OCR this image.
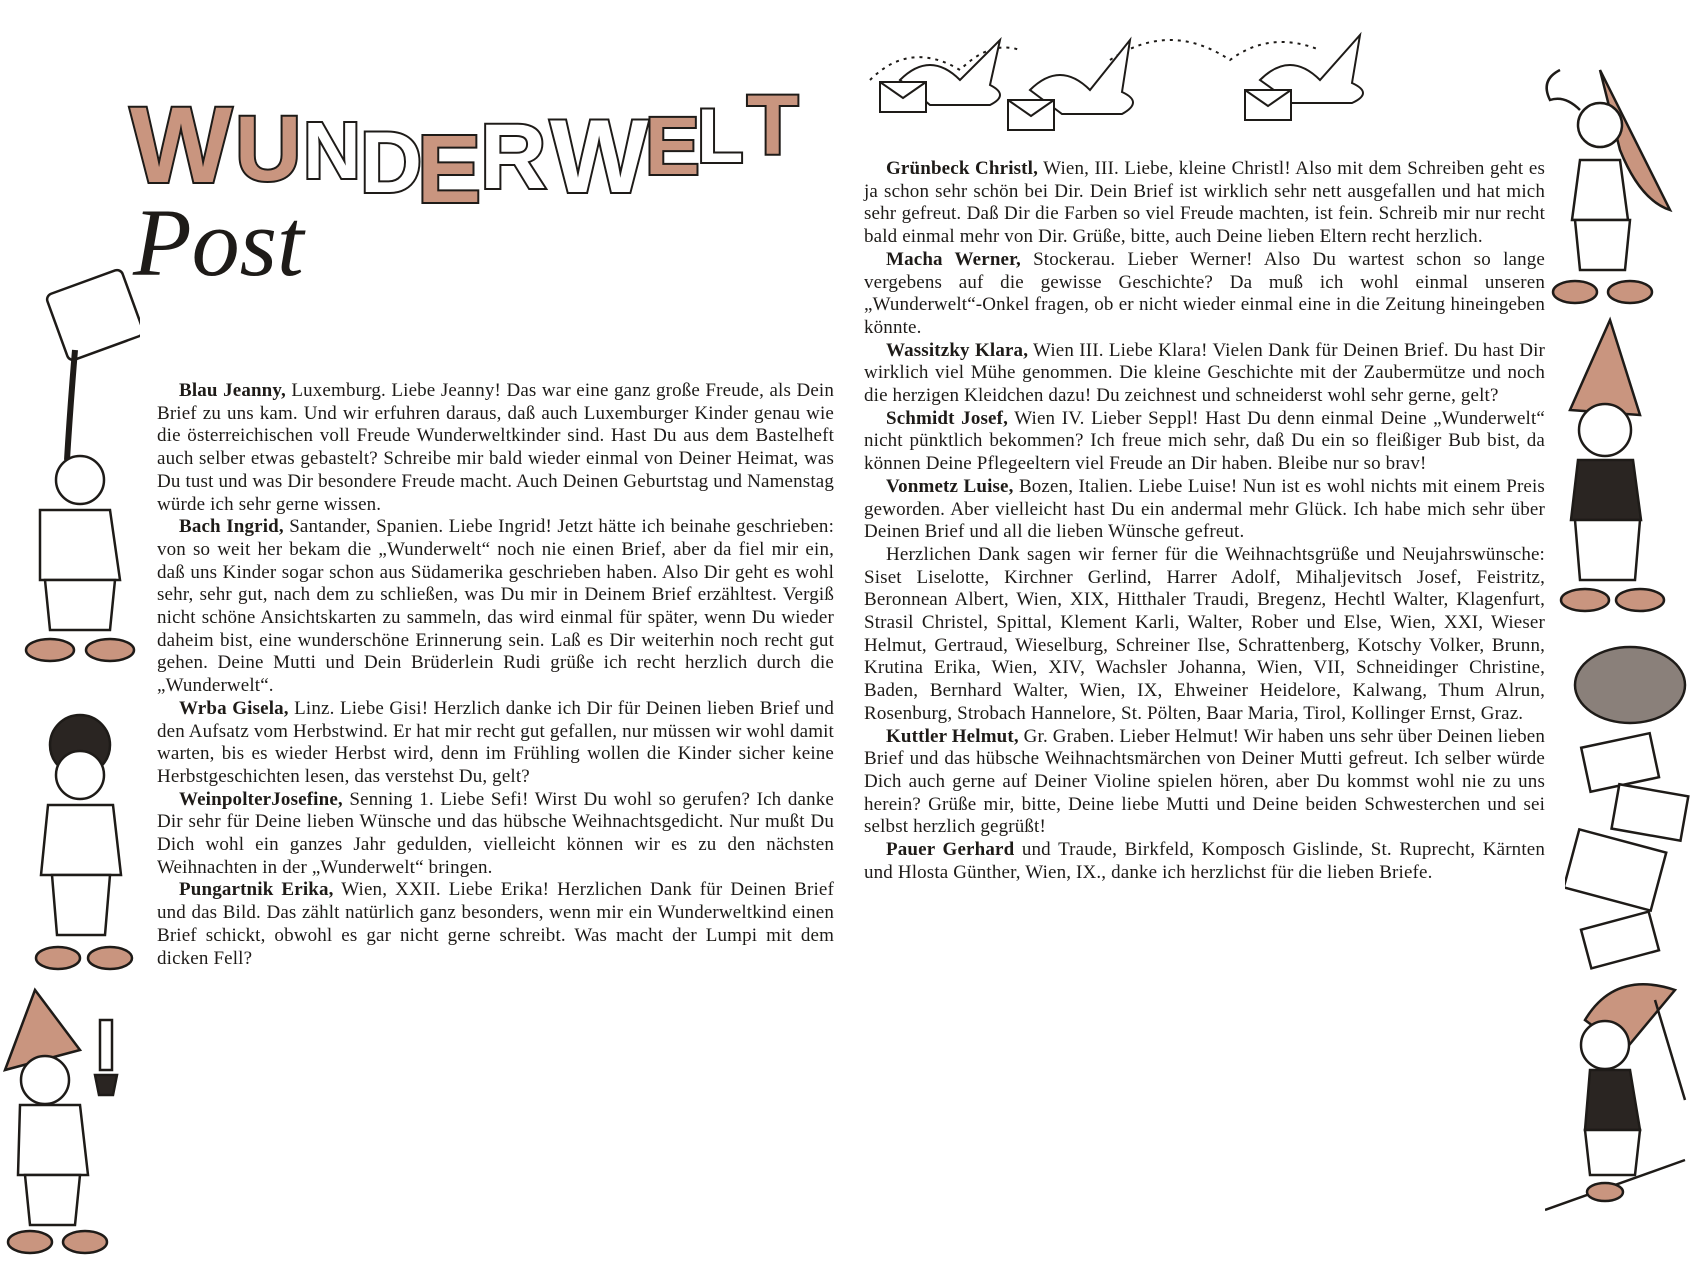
W U N D
E
R W
E
L T
Post

Blau Jeanny, Luxemburg. Liebe Jeanny! Das war eine ganz große Freude, als Dein Brief zu uns kam. Und wir erfuhren daraus, daß auch Luxemburger Kinder genau wie die österreichischen voll Freude Wunderweltkinder sind. Hast Du aus dem Bastelheft auch selber etwas gebastelt? Schreibe mir bald wieder einmal von Deiner Heimat, was Du tust und was Dir besondere Freude macht. Auch Deinen Geburtstag und Namenstag würde ich sehr gerne wissen.

Bach Ingrid, Santander, Spanien. Liebe Ingrid! Jetzt hätte ich beinahe geschrieben: von so weit her bekam die „Wunderwelt“ noch nie einen Brief, aber da fiel mir ein, daß uns Kinder sogar schon aus Südamerika geschrieben haben. Also Dir geht es wohl sehr, sehr gut, nach dem zu schließen, was Du mir in Deinem Brief erzähltest. Vergiß nicht schöne Ansichtskarten zu sammeln, das wird einmal für später, wenn Du wieder daheim bist, eine wunderschöne Erinnerung sein. Laß es Dir weiterhin noch recht gut gehen. Deine Mutti und Dein Brüderlein Rudi grüße ich recht herzlich durch die „Wunderwelt“.

Wrba Gisela, Linz. Liebe Gisi! Herzlich danke ich Dir für Deinen lieben Brief und den Aufsatz vom Herbstwind. Er hat mir recht gut gefallen, nur müssen wir wohl damit warten, bis es wieder Herbst wird, denn im Frühling wollen die Kinder sicher keine Herbstgeschichten lesen, das verstehst Du, gelt?

WeinpolterJosefine, Senning 1. Liebe Sefi! Wirst Du wohl so gerufen? Ich danke Dir sehr für Deine lieben Wünsche und das hübsche Weihnachtsgedicht. Nur mußt Du Dich wohl ein ganzes Jahr gedulden, vielleicht können wir es zu den nächsten Weihnachten in der „Wunderwelt“ bringen.

Pungartnik Erika, Wien, XXII. Liebe Erika! Herzlichen Dank für Deinen Brief und das Bild. Das zählt natürlich ganz besonders, wenn mir ein Wunderweltkind einen Brief schickt, obwohl es gar nicht gerne schreibt. Was macht der Lumpi mit dem dicken Fell?

Grünbeck Christl, Wien, III. Liebe, kleine Christl! Also mit dem Schreiben geht es ja schon sehr schön bei Dir. Dein Brief ist wirklich sehr nett ausgefallen und hat mich sehr gefreut. Daß Dir die Farben so viel Freude machten, ist fein. Schreib mir nur recht bald einmal mehr von Dir. Grüße, bitte, auch Deine lieben Eltern recht herzlich.

Macha Werner, Stockerau. Lieber Werner! Also Du wartest schon so lange vergebens auf die gewisse Geschichte? Da muß ich wohl einmal unseren „Wunderwelt“-Onkel fragen, ob er nicht wieder einmal eine in die Zeitung hineingeben könnte.

Wassitzky Klara, Wien III. Liebe Klara! Vielen Dank für Deinen Brief. Du hast Dir wirklich viel Mühe genommen. Die kleine Geschichte mit der Zaubermütze und noch die herzigen Kleidchen dazu! Du zeichnest und schneiderst wohl sehr gerne, gelt?

Schmidt Josef, Wien IV. Lieber Seppl! Hast Du denn einmal Deine „Wunderwelt“ nicht pünktlich bekommen? Ich freue mich sehr, daß Du ein so fleißiger Bub bist, da können Deine Pflegeeltern viel Freude an Dir haben. Bleibe nur so brav!

Vonmetz Luise, Bozen, Italien. Liebe Luise! Nun ist es wohl nichts mit einem Preis geworden. Aber vielleicht hast Du ein andermal mehr Glück. Ich habe mich sehr über Deinen Brief und all die lieben Wünsche gefreut.

Herzlichen Dank sagen wir ferner für die Weihnachtsgrüße und Neujahrswünsche: Siset Liselotte, Kirchner Gerlind, Harrer Adolf, Mihaljevitsch Josef, Feistritz, Beronnean Albert, Wien, XIX, Hitthaler Traudi, Bregenz, Hechtl Walter, Klagenfurt, Strasil Christel, Spittal, Klement Karli, Walter, Rober und Else, Wien, XXI, Wieser Helmut, Gertraud, Wieselburg, Schreiner Ilse, Schrattenberg, Kotschy Volker, Brunn, Krutina Erika, Wien, XIV, Wachsler Johanna, Wien, VII, Schneidinger Christine, Baden, Bernhard Walter, Wien, IX, Ehweiner Heidelore, Kalwang, Thum Alrun, Rosenburg, Strobach Hannelore, St. Pölten, Baar Maria, Tirol, Kollinger Ernst, Graz.

Kuttler Helmut, Gr. Graben. Lieber Helmut! Wir haben uns sehr über Deinen lieben Brief und das hübsche Weihnachtsmärchen von Deiner Mutti gefreut. Ich selber würde Dich auch gerne auf Deiner Violine spielen hören, aber Du kommst wohl nie zu uns herein? Grüße mir, bitte, Deine liebe Mutti und Deine beiden Schwesterchen und sei selbst herzlich gegrüßt!

Pauer Gerhard und Traude, Birkfeld, Komposch Gislinde, St. Ruprecht, Kärnten und Hlosta Günther, Wien, IX., danke ich herzlichst für die lieben Briefe.
